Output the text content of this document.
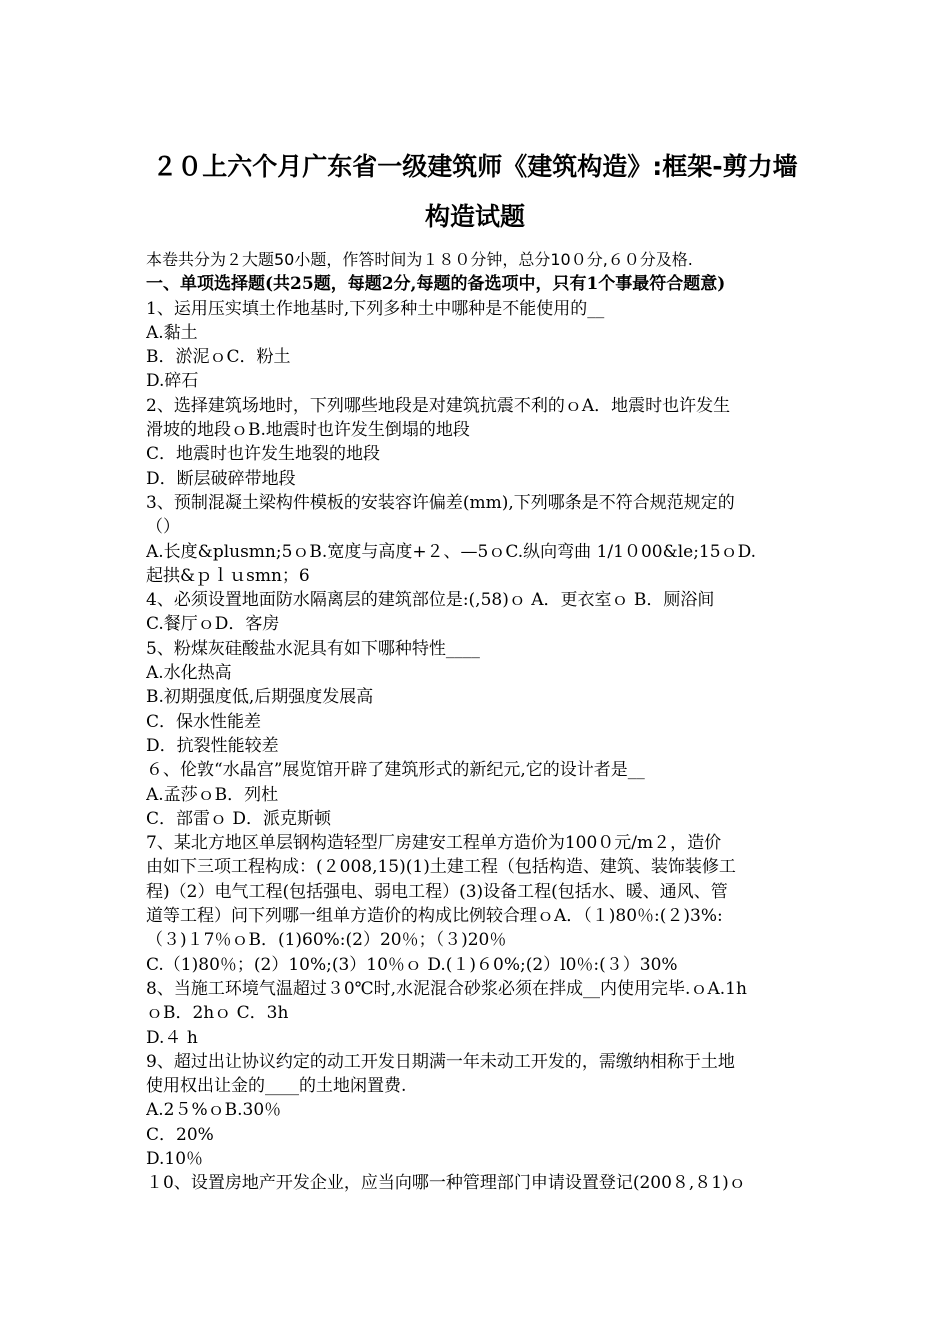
２０上六个月广东省一级建筑师《建筑构造》:框架-剪力墙
构造试题
本卷共分为２大题50小题，作答时间为１８０分钟，总分10０分,６０分及格.
一、单项选择题(共25题，每题2分,每题的备选项中，只有1个事最符合题意)
1、运用压实填土作地基时,下列多种土中哪种是不能使用的__
A.黏土
B．淤泥ｏC．粉土
D.碎石
2、选择建筑场地时，下列哪些地段是对建筑抗震不利的ｏA．地震时也许发生
滑坡的地段ｏB.地震时也许发生倒塌的地段
C．地震时也许发生地裂的地段
D．断层破碎带地段
3、预制混凝土梁构件模板的安装容许偏差(mm),下列哪条是不符合规范规定的
（）
A.长度&plusmn;5ｏB.宽度与高度+２、—5ｏC.纵向弯曲 1/1０00&le;15ｏD.
起拱&ｐｌｕsmn；6
4、必须设置地面防水隔离层的建筑部位是:(,58)ｏ A．更衣室ｏ B．厕浴间
C.餐厅ｏD．客房
5、粉煤灰硅酸盐水泥具有如下哪种特性____
A.水化热高
B.初期强度低,后期强度发展高
C．保水性能差
D．抗裂性能较差
６、伦敦“水晶宫”展览馆开辟了建筑形式的新纪元,它的设计者是__
A.孟莎ｏB．列杜
C．部雷ｏ D．派克斯顿
7、某北方地区单层钢构造轻型厂房建安工程单方造价为100０元/m２，造价
由如下三项工程构成：(２008,15)(1)土建工程（包括构造、建筑、装饰装修工
程)（2）电气工程(包括强电、弱电工程）(3)设备工程(包括水、暖、通风、管
道等工程）问下列哪一组单方造价的构成比例较合理ｏA．（１)80％:(２)3%:
（３)１7％ｏB．(1)60%:(2）20％；（３)20％
C.（1)80％；(2）10%;(3）10％ｏ D.(１)６0%;(2）l0％:(３）30%
8、当施工环境气温超过３0℃时,水泥混合砂浆必须在拌成__内使用完毕.ｏA.1h
ｏB．2hｏ C．3h
D.４ h
9、超过出让协议约定的动工开发日期满一年未动工开发的，需缴纳相称于土地
使用权出让金的____的土地闲置费.
A.2５%ｏB.30％
C．20%
D.10％
１0、设置房地产开发企业，应当向哪一种管理部门申请设置登记(200８,８1)ｏ
